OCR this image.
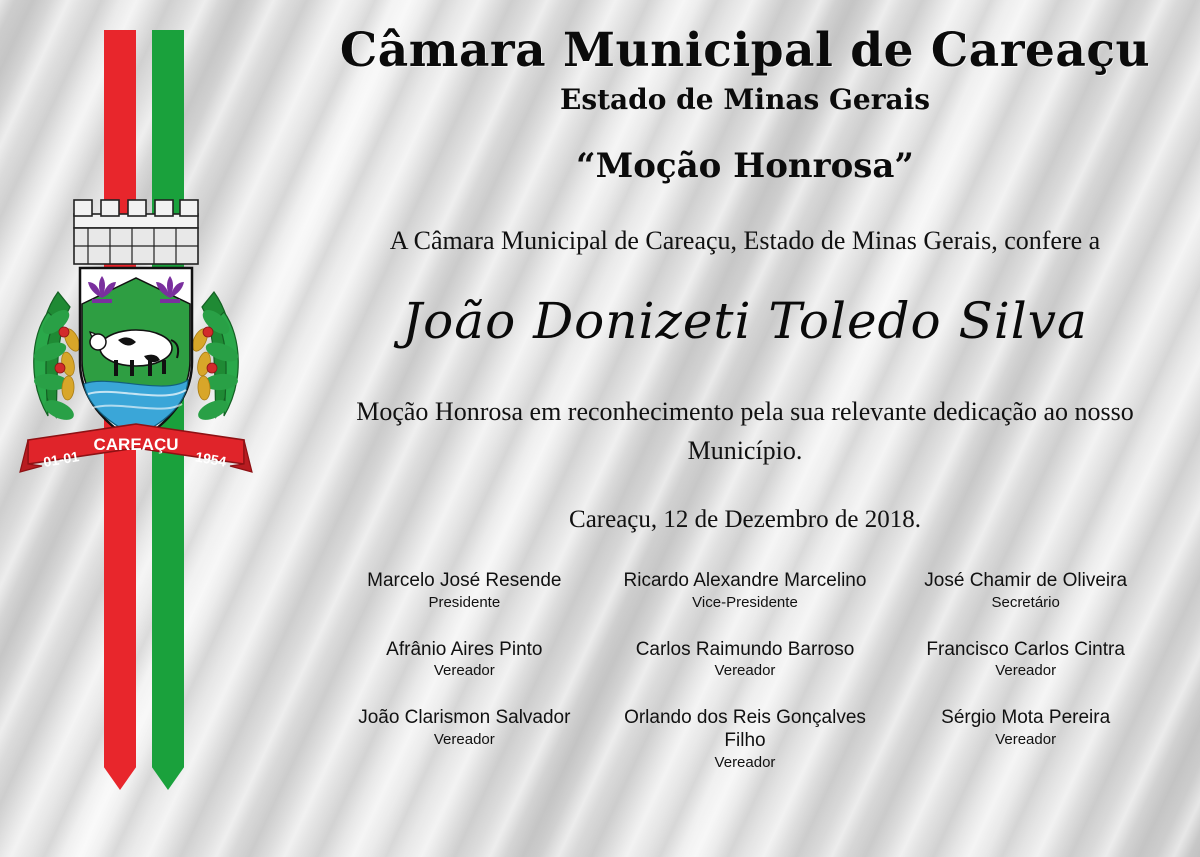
CAREAÇU
01-01	1954
Câmara Municipal de Careaçu
Estado de Minas Gerais
“Moção Honrosa”
A Câmara Municipal de Careaçu, Estado de Minas Gerais, confere a
João Donizeti Toledo Silva
Moção Honrosa em reconhecimento pela sua relevante dedicação ao nosso Município.
Careaçu, 12 de Dezembro de 2018.
Marcelo José Resende
Presidente
Ricardo Alexandre Marcelino
Vice-Presidente
José Chamir de Oliveira
Secretário
Afrânio Aires Pinto
Vereador
Carlos Raimundo Barroso
Vereador
Francisco Carlos Cintra
Vereador
João Clarismon Salvador
Vereador
Orlando dos Reis Gonçalves Filho
Vereador
Sérgio Mota Pereira
Vereador
